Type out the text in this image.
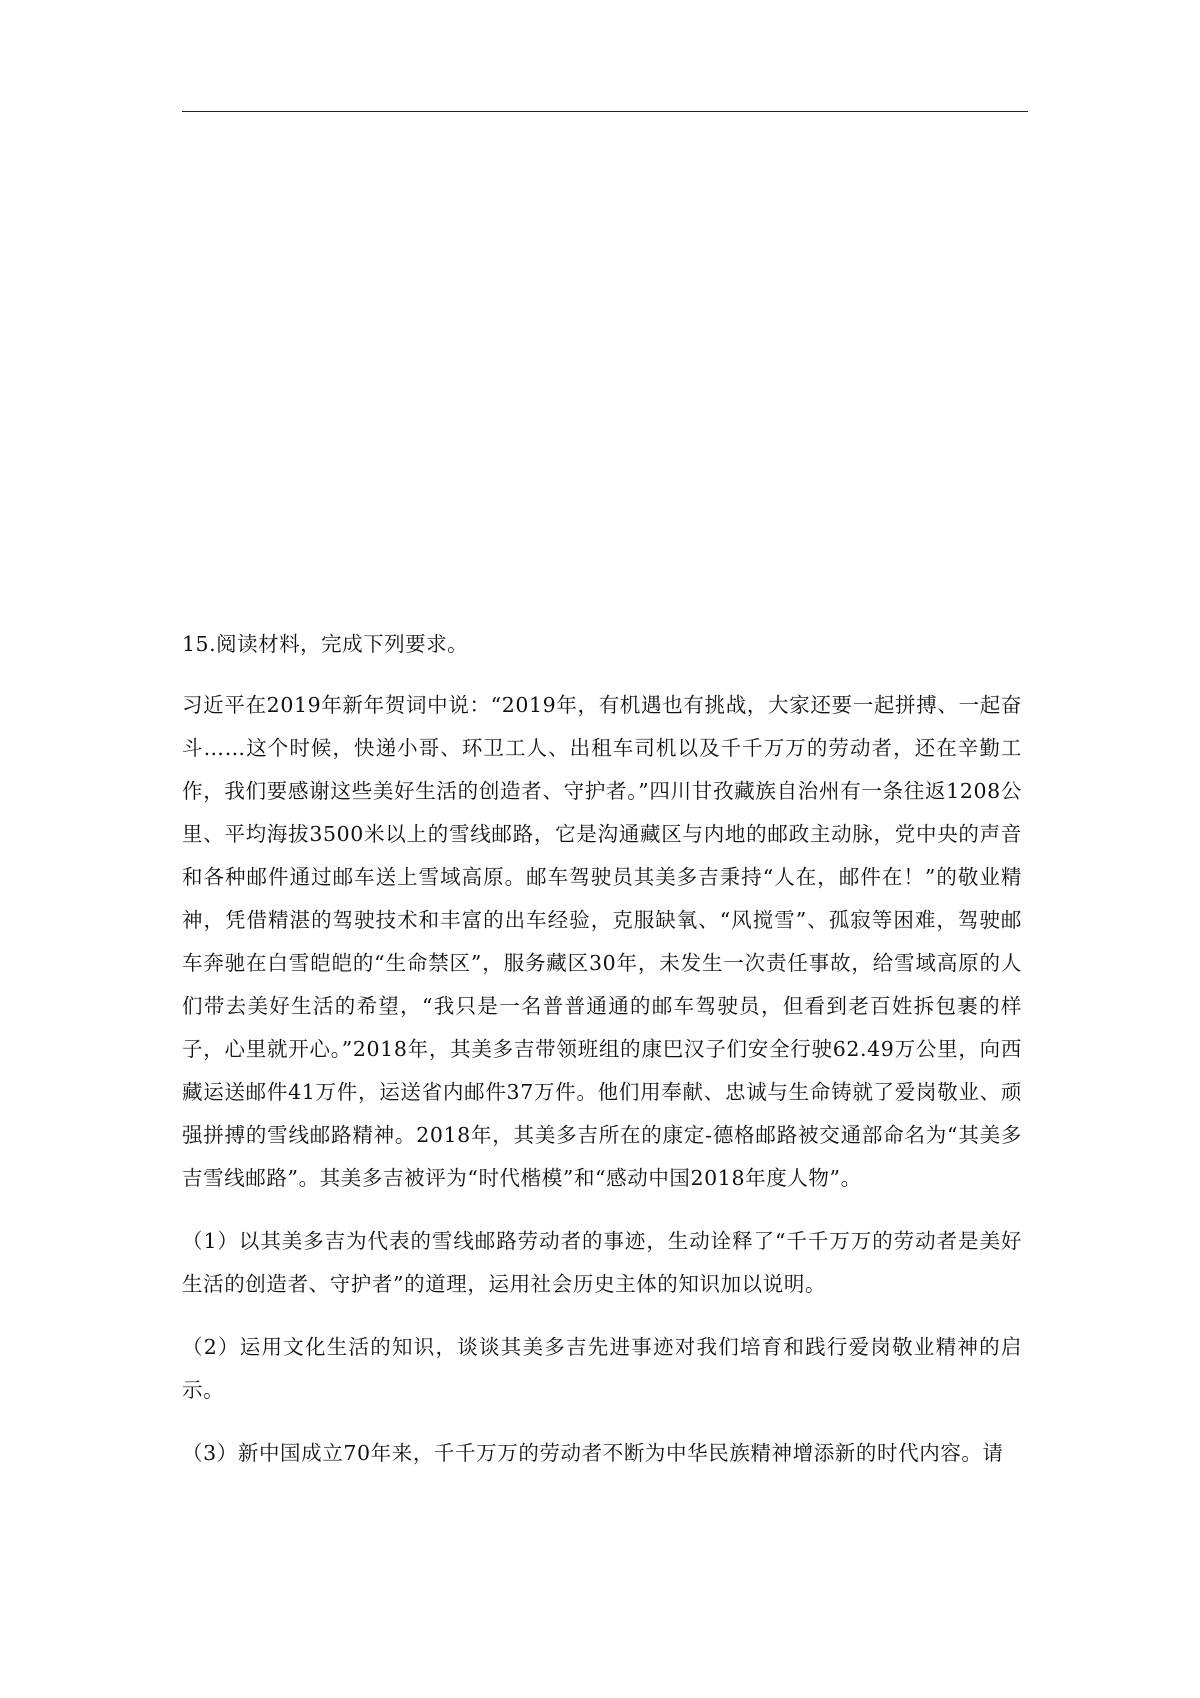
15.阅读材料，完成下列要求。

习近平在2019年新年贺词中说：“2019年，有机遇也有挑战，大家还要一起拼搏、一起奋斗……这个时候，快递小哥、环卫工人、出租车司机以及千千万万的劳动者，还在辛勤工作，我们要感谢这些美好生活的创造者、守护者。”四川甘孜藏族自治州有一条往返1208公里、平均海拔3500米以上的雪线邮路，它是沟通藏区与内地的邮政主动脉，党中央的声音和各种邮件通过邮车送上雪域高原。邮车驾驶员其美多吉秉持“人在，邮件在！”的敬业精神，凭借精湛的驾驶技术和丰富的出车经验，克服缺氧、“风搅雪”、孤寂等困难，驾驶邮车奔驰在白雪皑皑的“生命禁区”，服务藏区30年，未发生一次责任事故，给雪域高原的人们带去美好生活的希望，“我只是一名普普通通的邮车驾驶员，但看到老百姓拆包裹的样子，心里就开心。”2018年，其美多吉带领班组的康巴汉子们安全行驶62.49万公里，向西藏运送邮件41万件，运送省内邮件37万件。他们用奉献、忠诚与生命铸就了爱岗敬业、顽强拼搏的雪线邮路精神。2018年，其美多吉所在的康定-德格邮路被交通部命名为“其美多吉雪线邮路”。其美多吉被评为“时代楷模”和“感动中国2018年度人物”。

（1）以其美多吉为代表的雪线邮路劳动者的事迹，生动诠释了“千千万万的劳动者是美好生活的创造者、守护者”的道理，运用社会历史主体的知识加以说明。

（2）运用文化生活的知识，谈谈其美多吉先进事迹对我们培育和践行爱岗敬业精神的启示。

（3）新中国成立70年来，千千万万的劳动者不断为中华民族精神增添新的时代内容。请
